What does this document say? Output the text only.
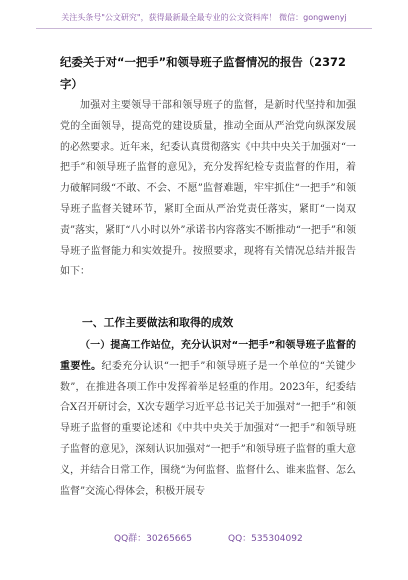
关注头条号"公文研究"，获得最新最全最专业的公文资料库！ 微信：gongwenyj
纪委关于对“一把手”和领导班子监督情况的报告（2372字）

加强对主要领导干部和领导班子的监督，是新时代坚持和加强党的全面领导，提高党的建设质量，推动全面从严治党向纵深发展的必然要求。近年来，纪委认真贯彻落实《中共中央关于加强对“一把手”和领导班子监督的意见》，充分发挥纪检专责监督的作用，着力破解同级“不敢、不会、不愿”监督难题，牢牢抓住“一把手”和领导班子监督关键环节，紧盯全面从严治党责任落实，紧盯“一岗双责”落实，紧盯“八小时以外”承诺书内容落实不断推动“一把手”和领导班子监督能力和实效提升。按照要求，现将有关情况总结并报告如下：

一、工作主要做法和取得的成效

（一）提高工作站位，充分认识对“一把手”和领导班子监督的重要性。纪委充分认识“一把手”和领导班子是一个单位的“关键少数”，在推进各项工作中发挥着举足轻重的作用。2023年，纪委结合X召开研讨会，X次专题学习近平总书记关于加强对“一把手”和领导班子监督的重要论述和《中共中央关于加强对“一把手”和领导班子监督的意见》，深刻认识加强对“一把手”和领导班子监督的重大意义，并结合日常工作，围绕“为何监督、监督什么、谁来监督、怎么监督”交流心得体会，积极开展专

QQ群：30265665	QQ：535304092
